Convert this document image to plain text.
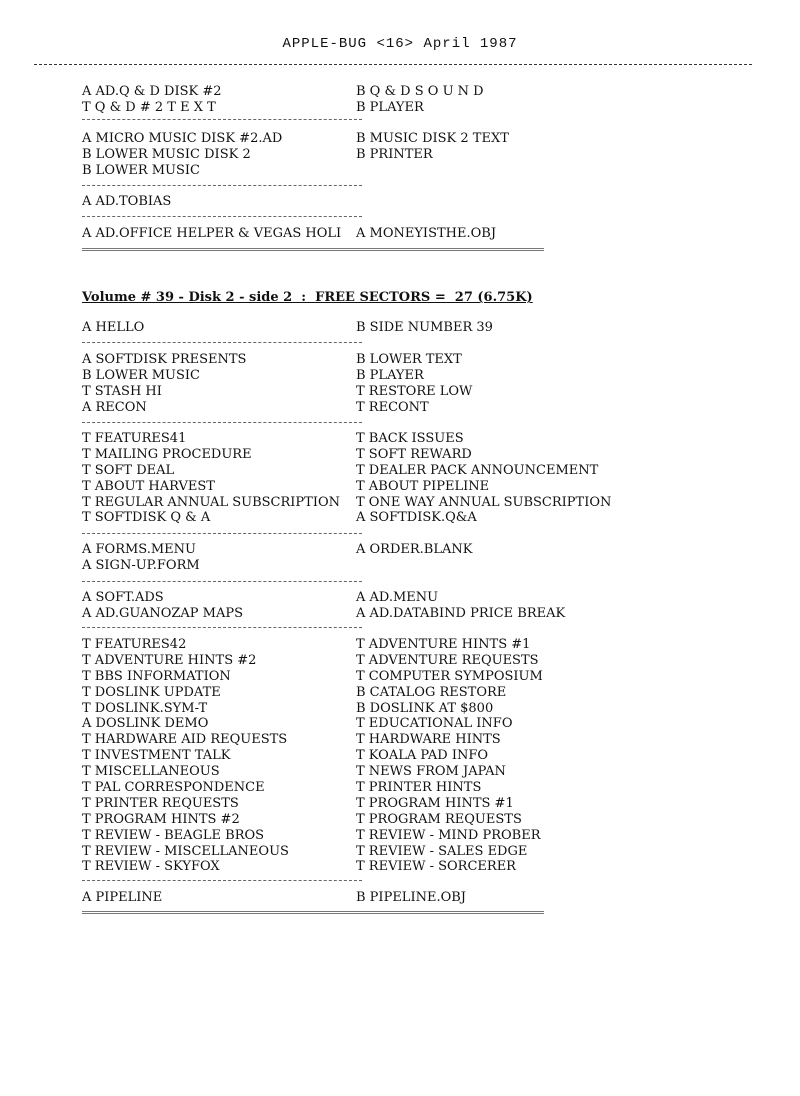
APPLE-BUG <16> April 1987
Volume # 39 - Disk 2 - side 2  :  FREE SECTORS =  27 (6.75K)
A AD.Q & D DISK #2	B Q & D S O U N D
T Q & D # 2 T E X T	B PLAYER
A MICRO MUSIC DISK #2.AD	B MUSIC DISK 2 TEXT
B LOWER MUSIC DISK 2	B PRINTER
B LOWER MUSIC
A AD.TOBIAS
A AD.OFFICE HELPER & VEGAS HOLI A MONEYISTHE.OBJ
A HELLO	B SIDE NUMBER 39
A SOFTDISK PRESENTS	B LOWER TEXT
B LOWER MUSIC	B PLAYER
T STASH HI	T RESTORE LOW
A RECON	T RECONT
T FEATURES41	T BACK ISSUES
T MAILING PROCEDURE	T SOFT REWARD
T SOFT DEAL	T DEALER PACK ANNOUNCEMENT
T ABOUT HARVEST	T ABOUT PIPELINE
T REGULAR ANNUAL SUBSCRIPTION T ONE WAY ANNUAL SUBSCRIPTION
T SOFTDISK Q & A	A SOFTDISK.Q&A
A FORMS.MENU	A ORDER.BLANK
A SIGN-UP.FORM
A SOFT.ADS	A AD.MENU
A AD.GUANOZAP MAPS	A AD.DATABIND PRICE BREAK
T FEATURES42	T ADVENTURE HINTS #1
T ADVENTURE HINTS #2	T ADVENTURE REQUESTS
T BBS INFORMATION	T COMPUTER SYMPOSIUM
T DOSLINK UPDATE	B CATALOG RESTORE
T DOSLINK.SYM-T	B DOSLINK AT $800
A DOSLINK DEMO	T EDUCATIONAL INFO
T HARDWARE AID REQUESTS	T HARDWARE HINTS
T INVESTMENT TALK	T KOALA PAD INFO
T MISCELLANEOUS	T NEWS FROM JAPAN
T PAL CORRESPONDENCE	T PRINTER HINTS
T PRINTER REQUESTS	T PROGRAM HINTS #1
T PROGRAM HINTS #2	T PROGRAM REQUESTS
T REVIEW - BEAGLE BROS	T REVIEW - MIND PROBER
T REVIEW - MISCELLANEOUS	T REVIEW - SALES EDGE
T REVIEW - SKYFOX	T REVIEW - SORCERER
A PIPELINE	B PIPELINE.OBJ
